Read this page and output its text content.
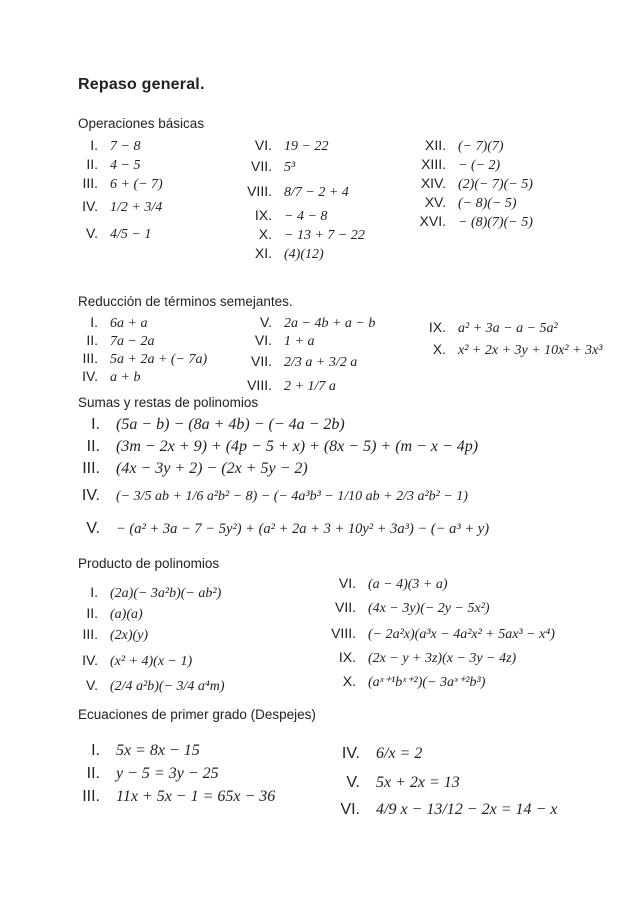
Repaso general.
Operaciones básicas
I. 7 − 8
II. 4 − 5
III. 6 + (− 7)
IV. 1/2 + 3/4
V. 4/5 − 1
VI. 19 − 22
VII. 5³
VIII. 8/7 − 2 + 4
IX. − 4 − 8
X. − 13 + 7 − 22
XI. (4)(12)
XII. (− 7)(7)
XIII. − (− 2)
XIV. (2)(− 7)(− 5)
XV. (− 8)(− 5)
XVI. − (8)(7)(− 5)
Reducción de términos semejantes.
I. 6a + a
II. 7a − 2a
III. 5a + 2a + (− 7a)
IV. a + b
V. 2a − 4b + a − b
VI. 1 + a
VII. 2/3 a + 3/2 a
VIII. 2 + 1/7 a
IX. a² + 3a − a − 5a²
X. x² + 2x + 3y + 10x² + 3x³
Sumas y restas de polinomios
I. (5a − b) − (8a + 4b) − (− 4a − 2b)
II. (3m − 2x + 9) + (4p − 5 + x) + (8x − 5) + (m − x − 4p)
III. (4x − 3y + 2) − (2x + 5y − 2)
IV. (− 3/5 ab + 1/6 a²b² − 8) − (− 4a³b³ − 1/10 ab + 2/3 a²b² − 1)
V. − (a² + 3a − 7 − 5y²) + (a² + 2a + 3 + 10y² + 3a³) − (− a³ + y)
Producto de polinomios
I. (2a)(− 3a²b)(− ab²)
II. (a)(a)
III. (2x)(y)
IV. (x² + 4)(x − 1)
V. (2/4 a²b)(− 3/4 a⁴m)
VI. (a − 4)(3 + a)
VII. (4x − 3y)(− 2y − 5x²)
VIII. (− 2a²x)(a³x − 4a²x² + 5ax³ − x⁴)
IX. (2x − y + 3z)(x − 3y − 4z)
X. (aˣ⁺¹bˣ⁺²)(− 3aˣ⁺²b³)
Ecuaciones de primer grado (Despejes)
I. 5x = 8x − 15
II. y − 5 = 3y − 25
III. 11x + 5x − 1 = 65x − 36
IV. 6/x = 2
V. 5x + 2x = 13
VI. 4/9 x − 13/12 − 2x = 14 − x
